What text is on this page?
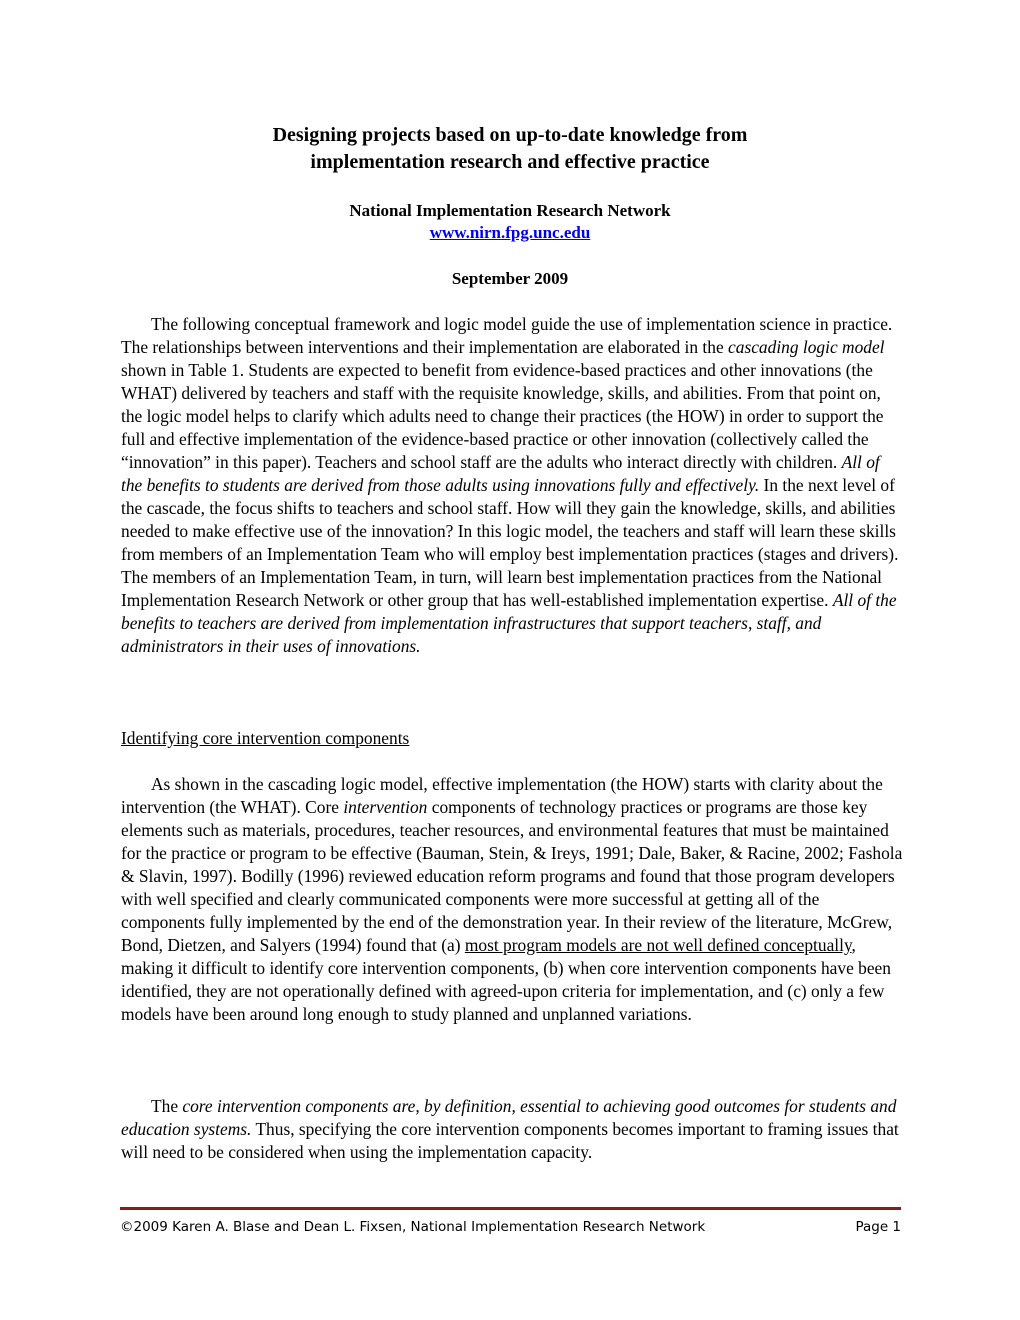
Designing projects based on up-to-date knowledge from
implementation research and effective practice
National Implementation Research Network
www.nirn.fpg.unc.edu
September 2009

The following conceptual framework and logic model guide the use of implementation science in practice. The relationships between interventions and their implementation are elaborated in the cascading logic model shown in Table 1. Students are expected to benefit from evidence-based practices and other innovations (the WHAT) delivered by teachers and staff with the requisite knowledge, skills, and abilities. From that point on, the logic model helps to clarify which adults need to change their practices (the HOW) in order to support the full and effective implementation of the evidence-based practice or other innovation (collectively called the “innovation” in this paper). Teachers and school staff are the adults who interact directly with children. All of the benefits to students are derived from those adults using innovations fully and effectively. In the next level of the cascade, the focus shifts to teachers and school staff. How will they gain the knowledge, skills, and abilities needed to make effective use of the innovation? In this logic model, the teachers and staff will learn these skills from members of an Implementation Team who will employ best implementation practices (stages and drivers). The members of an Implementation Team, in turn, will learn best implementation practices from the National Implementation Research Network or other group that has well-established implementation expertise. All of the benefits to teachers are derived from implementation infrastructures that support teachers, staff, and administrators in their uses of innovations.

Identifying core intervention components

As shown in the cascading logic model, effective implementation (the HOW) starts with clarity about the intervention (the WHAT). Core intervention components of technology practices or programs are those key elements such as materials, procedures, teacher resources, and environmental features that must be maintained for the practice or program to be effective (Bauman, Stein, & Ireys, 1991; Dale, Baker, & Racine, 2002; Fashola & Slavin, 1997). Bodilly (1996) reviewed education reform programs and found that those program developers with well specified and clearly communicated components were more successful at getting all of the components fully implemented by the end of the demonstration year. In their review of the literature, McGrew, Bond, Dietzen, and Salyers (1994) found that (a) most program models are not well defined conceptually, making it difficult to identify core intervention components, (b) when core intervention components have been identified, they are not operationally defined with agreed-upon criteria for implementation, and (c) only a few models have been around long enough to study planned and unplanned variations.

The core intervention components are, by definition, essential to achieving good outcomes for students and education systems. Thus, specifying the core intervention components becomes important to framing issues that will need to be considered when using the implementation capacity.

©2009 Karen A. Blase and Dean L. Fixsen, National Implementation Research Network	Page 1
